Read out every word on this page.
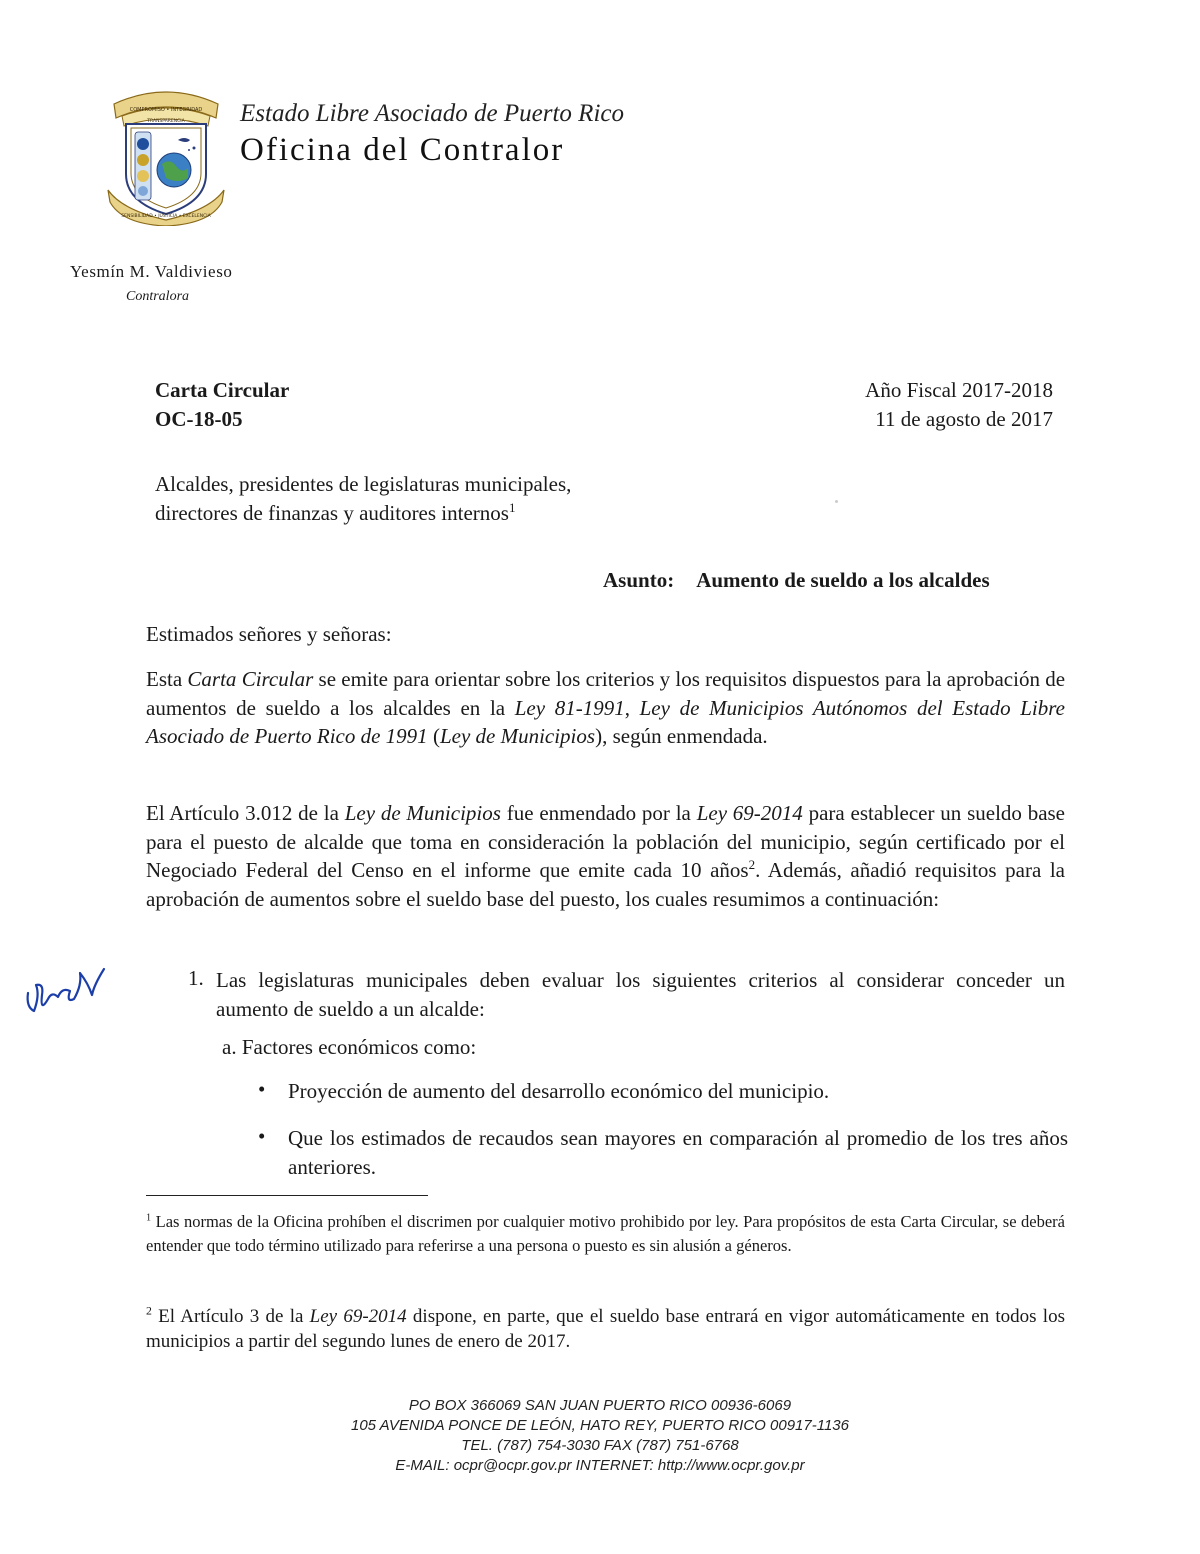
COMPROMISO • INTEGRIDAD
TRANSPARENCIA
SENSIBILIDAD • JUSTICIA • EXCELENCIA
Estado Libre Asociado de Puerto Rico
Oficina del Contralor
Yesmín M. Valdivieso
Contralora
Carta Circular
OC-18-05
Año Fiscal 2017-2018
11 de agosto de 2017
Alcaldes, presidentes de legislaturas municipales,
directores de finanzas y auditores internos$^1$
Asunto: Aumento de sueldo a los alcaldes
Estimados señores y señoras:
Esta Carta Circular se emite para orientar sobre los criterios y los requisitos dispuestos para la aprobación de aumentos de sueldo a los alcaldes en la Ley 81-1991, Ley de Municipios Autónomos del Estado Libre Asociado de Puerto Rico de 1991 (Ley de Municipios), según enmendada.
El Artículo 3.012 de la Ley de Municipios fue enmendado por la Ley 69-2014 para establecer un sueldo base para el puesto de alcalde que toma en consideración la población del municipio, según certificado por el Negociado Federal del Censo en el informe que emite cada 10 años$^2$. Además, añadió requisitos para la aprobación de aumentos sobre el sueldo base del puesto, los cuales resumimos a continuación:
1. Las legislaturas municipales deben evaluar los siguientes criterios al considerar conceder un aumento de sueldo a un alcalde:
a. Factores económicos como:
• Proyección de aumento del desarrollo económico del municipio.
• Que los estimados de recaudos sean mayores en comparación al promedio de los tres años anteriores.
$^1$ Las normas de la Oficina prohíben el discrimen por cualquier motivo prohibido por ley. Para propósitos de esta Carta Circular, se deberá entender que todo término utilizado para referirse a una persona o puesto es sin alusión a géneros.
$^2$ El Artículo 3 de la Ley 69-2014 dispone, en parte, que el sueldo base entrará en vigor automáticamente en todos los municipios a partir del segundo lunes de enero de 2017.
PO BOX 366069 SAN JUAN PUERTO RICO 00936-6069
105 AVENIDA PONCE DE LEÓN, HATO REY, PUERTO RICO 00917-1136
TEL. (787) 754-3030 FAX (787) 751-6768
E-MAIL: ocpr@ocpr.gov.pr INTERNET: http://www.ocpr.gov.pr
